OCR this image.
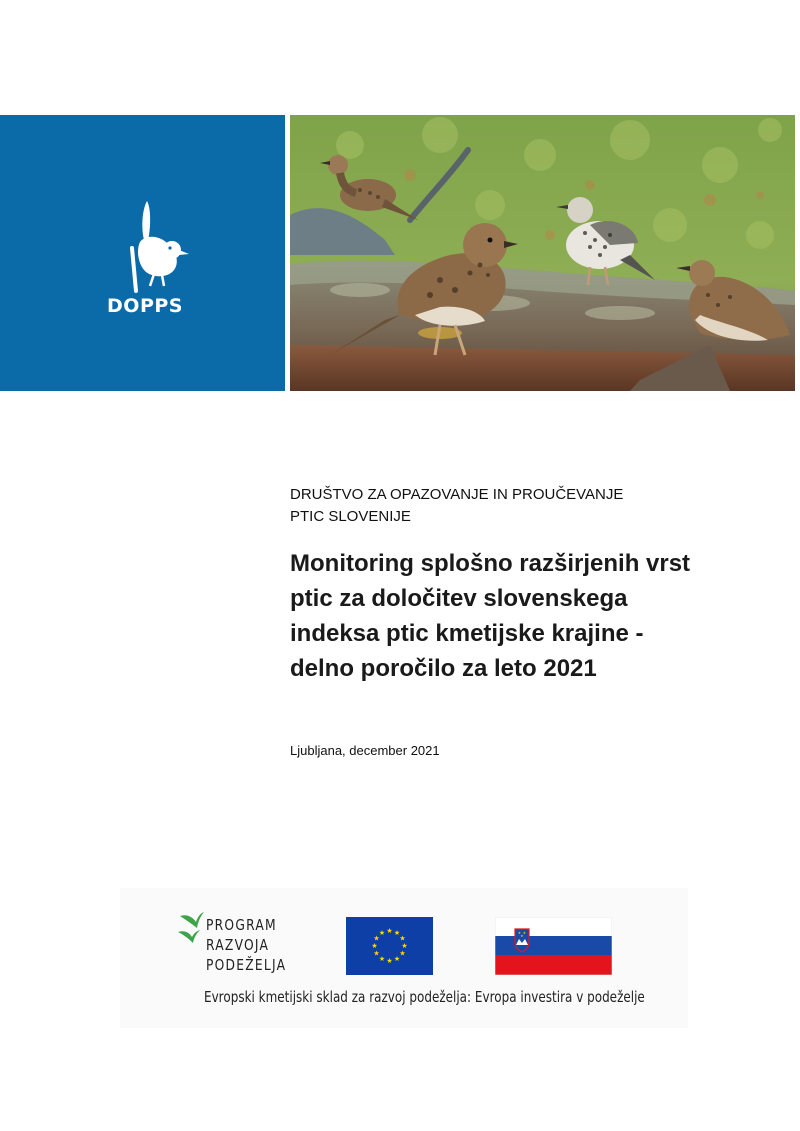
DOPPS
DRUŠTVO ZA OPAZOVANJE IN PROUČEVANJE
PTIC SLOVENIJE
Monitoring splošno razširjenih vrst
ptic za določitev slovenskega
indeksa ptic kmetijske krajine -
delno poročilo za leto 2021
Ljubljana, december 2021
PROGRAM
RAZVOJA
PODEŽELJA
★ ★
★
★
★
★
★
★
★
★
★
★	★ ★
★
Evropski kmetijski sklad za razvoj podeželja: Evropa investira v podeželje
